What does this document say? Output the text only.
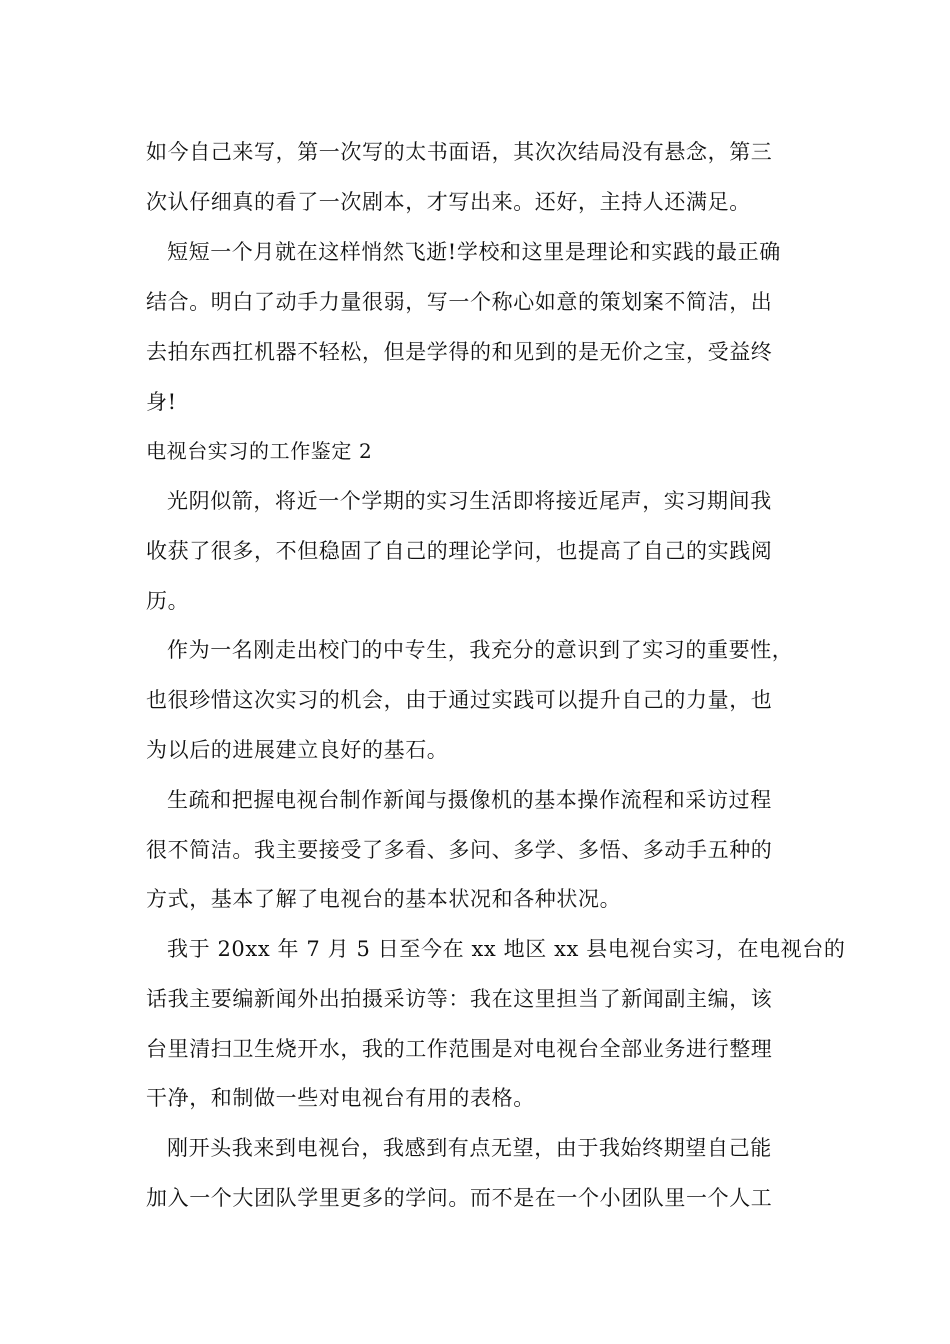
如今自己来写，第一次写的太书面语，其次次结局没有悬念，第三
次认仔细真的看了一次剧本，才写出来。还好，主持人还满足。
短短一个月就在这样悄然飞逝!学校和这里是理论和实践的最正确
结合。明白了动手力量很弱，写一个称心如意的策划案不简洁，出
去拍东西扛机器不轻松，但是学得的和见到的是无价之宝，受益终
身!
电视台实习的工作鉴定 2
光阴似箭，将近一个学期的实习生活即将接近尾声，实习期间我
收获了很多，不但稳固了自己的理论学问，也提高了自己的实践阅
历。
作为一名刚走出校门的中专生，我充分的意识到了实习的重要性，
也很珍惜这次实习的机会，由于通过实践可以提升自己的力量，也
为以后的进展建立良好的基石。
生疏和把握电视台制作新闻与摄像机的基本操作流程和采访过程
很不简洁。我主要接受了多看、多问、多学、多悟、多动手五种的
方式，基本了解了电视台的基本状况和各种状况。
我于 20xx 年 7 月 5 日至今在 xx 地区 xx 县电视台实习，在电视台的
话我主要编新闻外出拍摄采访等：我在这里担当了新闻副主编，该
台里清扫卫生烧开水，我的工作范围是对电视台全部业务进行整理
干净，和制做一些对电视台有用的表格。
刚开头我来到电视台，我感到有点无望，由于我始终期望自己能
加入一个大团队学里更多的学问。而不是在一个小团队里一个人工
